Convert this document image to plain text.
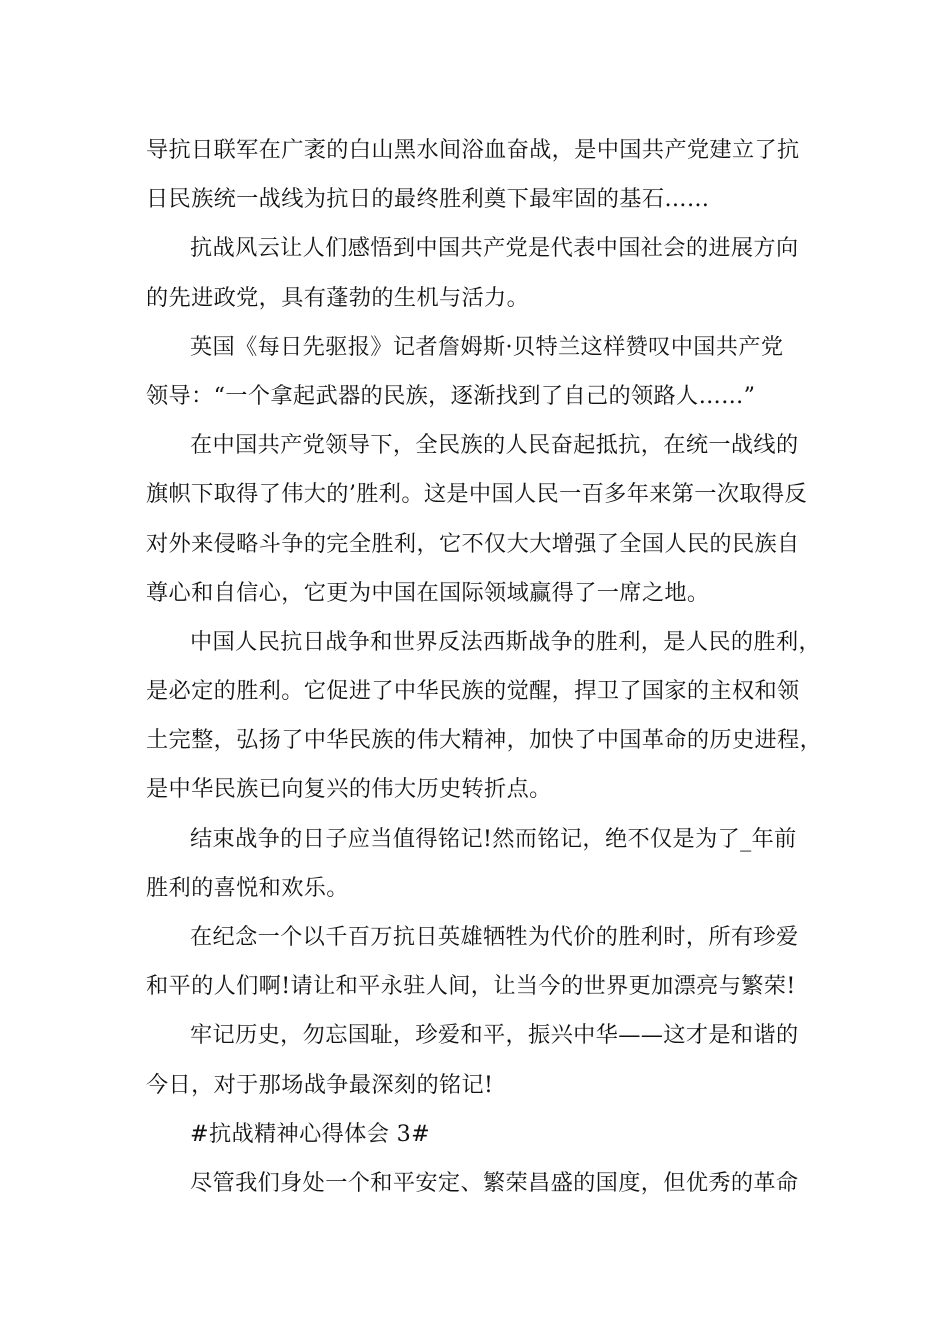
导抗日联军在广袤的白山黑水间浴血奋战，是中国共产党建立了抗
日民族统一战线为抗日的最终胜利奠下最牢固的基石……
抗战风云让人们感悟到中国共产党是代表中国社会的进展方向
的先进政党，具有蓬勃的生机与活力。
英国《每日先驱报》记者詹姆斯·贝特兰这样赞叹中国共产党
领导：“一个拿起武器的民族，逐渐找到了自己的领路人……”
在中国共产党领导下，全民族的人民奋起抵抗，在统一战线的
旗帜下取得了伟大的’胜利。这是中国人民一百多年来第一次取得反
对外来侵略斗争的完全胜利，它不仅大大增强了全国人民的民族自
尊心和自信心，它更为中国在国际领域赢得了一席之地。
中国人民抗日战争和世界反法西斯战争的胜利，是人民的胜利，
是必定的胜利。它促进了中华民族的觉醒，捍卫了国家的主权和领
土完整，弘扬了中华民族的伟大精神，加快了中国革命的历史进程，
是中华民族已向复兴的伟大历史转折点。
结束战争的日子应当值得铭记!然而铭记，绝不仅是为了_年前
胜利的喜悦和欢乐。
在纪念一个以千百万抗日英雄牺牲为代价的胜利时，所有珍爱
和平的人们啊!请让和平永驻人间，让当今的世界更加漂亮与繁荣!
牢记历史，勿忘国耻，珍爱和平，振兴中华——这才是和谐的
今日，对于那场战争最深刻的铭记!
#抗战精神心得体会 3#
尽管我们身处一个和平安定、繁荣昌盛的国度，但优秀的革命
